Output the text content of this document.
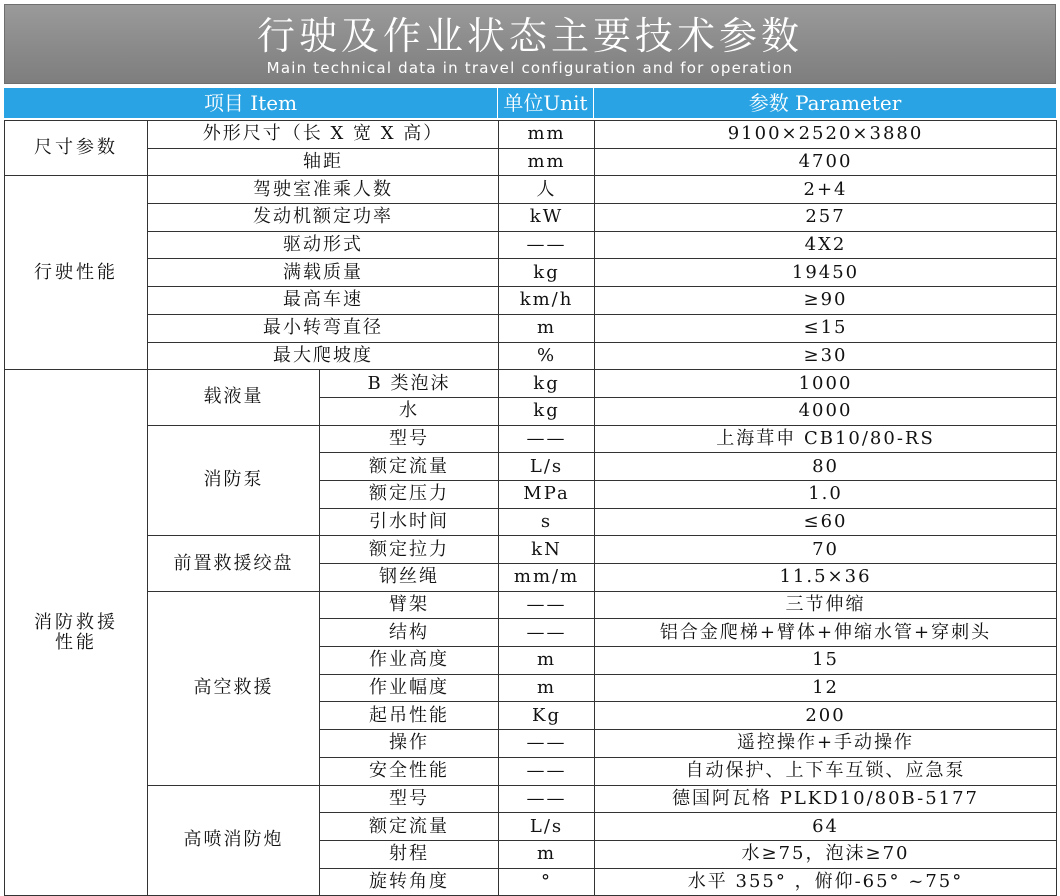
行驶及作业状态主要技术参数
Main technical data in travel configuration and for operation
项目 Item	单位Unit	参数 Parameter
尺寸参数	外形尺寸（长 X 宽 X 高）		mm	9100×2520×3880
	轴距		mm	4700
行驶性能	驾驶室准乘人数		人	2+4
	发动机额定功率		kW	257
	驱动形式		——	4X2
	满载质量		kg	19450
	最高车速		km/h	≥90
	最小转弯直径		m	≤15
	最大爬坡度		%	≥30
消防救援
性能	载液量	B 类泡沫	kg	1000
		水	kg	4000
	消防泵	型号	——	上海茸申 CB10/80-RS
		额定流量	L/s	80
		额定压力	MPa	1.0
		引水时间	s	≤60
	前置救援绞盘	额定拉力	kN	70
		钢丝绳	mm/m	11.5×36
	高空救援	臂架	——	三节伸缩
		结构	——	铝合金爬梯+臂体+伸缩水管+穿刺头
		作业高度	m	15
		作业幅度	m	12
		起吊性能	Kg	200
		操作	——	遥控操作+手动操作
		安全性能	——	自动保护、上下车互锁、应急泵
	高喷消防炮	型号	——	德国阿瓦格 PLKD10/80B-5177
		额定流量	L/s	64
		射程	m	水≥75，泡沫≥70
		旋转角度	°	水平 355° ，俯仰-65° ~75°
